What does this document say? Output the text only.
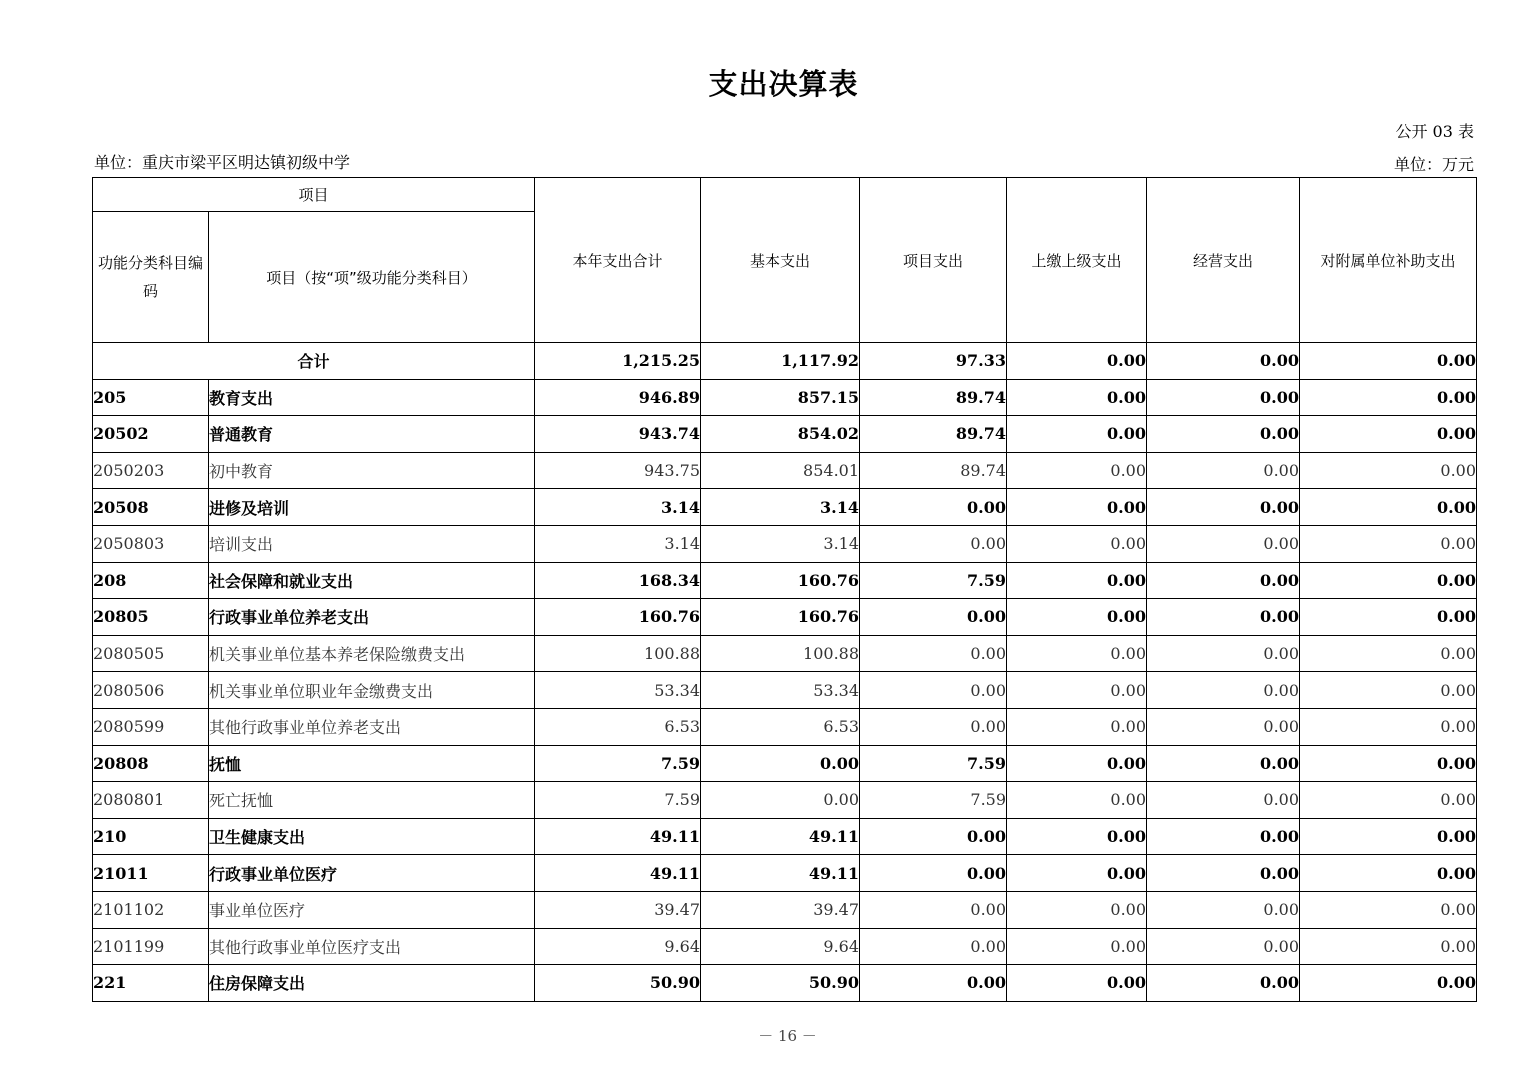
支出决算表
公开 03 表
单位：重庆市梁平区明达镇初级中学	单位：万元
项目		本年支出合计	基本支出	项目支出	上缴上级支出	经营支出	对附属单位补助支出
功能分类科目编码	项目（按“项”级功能分类科目）						
合计		1,215.25	1,117.92	97.33	0.00	0.00	0.00
205	教育支出	946.89	857.15	89.74	0.00	0.00	0.00
20502	普通教育	943.74	854.02	89.74	0.00	0.00	0.00
2050203	初中教育	943.75	854.01	89.74	0.00	0.00	0.00
20508	进修及培训	3.14	3.14	0.00	0.00	0.00	0.00
2050803	培训支出	3.14	3.14	0.00	0.00	0.00	0.00
208	社会保障和就业支出	168.34	160.76	7.59	0.00	0.00	0.00
20805	行政事业单位养老支出	160.76	160.76	0.00	0.00	0.00	0.00
2080505	机关事业单位基本养老保险缴费支出	100.88	100.88	0.00	0.00	0.00	0.00
2080506	机关事业单位职业年金缴费支出	53.34	53.34	0.00	0.00	0.00	0.00
2080599	其他行政事业单位养老支出	6.53	6.53	0.00	0.00	0.00	0.00
20808	抚恤	7.59	0.00	7.59	0.00	0.00	0.00
2080801	死亡抚恤	7.59	0.00	7.59	0.00	0.00	0.00
210	卫生健康支出	49.11	49.11	0.00	0.00	0.00	0.00
21011	行政事业单位医疗	49.11	49.11	0.00	0.00	0.00	0.00
2101102	事业单位医疗	39.47	39.47	0.00	0.00	0.00	0.00
2101199	其他行政事业单位医疗支出	9.64	9.64	0.00	0.00	0.00	0.00
221	住房保障支出	50.90	50.90	0.00	0.00	0.00	0.00
－ 16 －
